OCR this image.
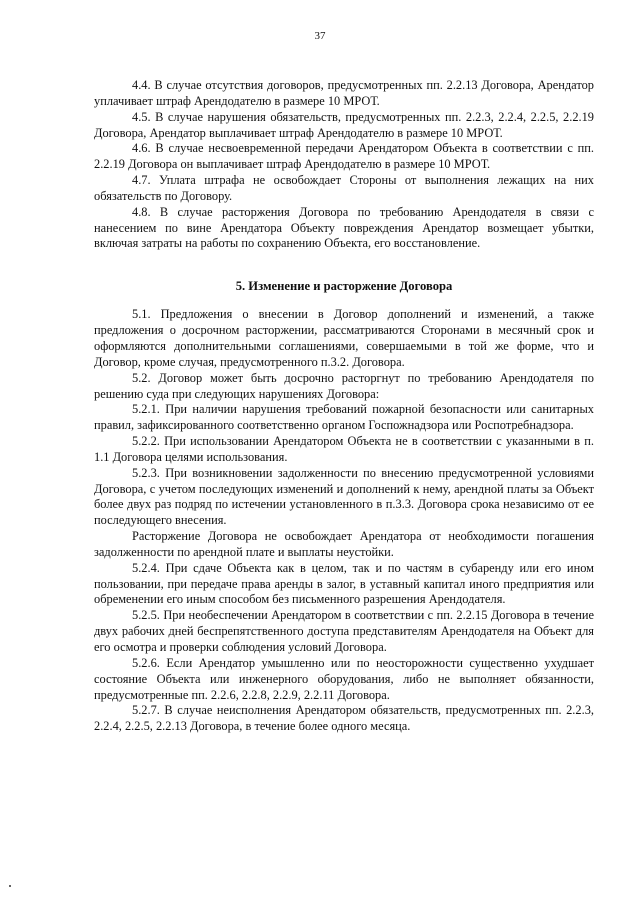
37

4.4. В случае отсутствия договоров, предусмотренных пп. 2.2.13 Договора, Арендатор уплачивает штраф Арендодателю в размере 10 МРОТ.

4.5. В случае нарушения обязательств, предусмотренных пп. 2.2.3, 2.2.4, 2.2.5, 2.2.19 Договора, Арендатор выплачивает штраф Арендодателю в размере 10 МРОТ.

4.6. В случае несвоевременной передачи Арендатором Объекта в соответствии с пп. 2.2.19 Договора он выплачивает штраф Арендодателю в размере 10 МРОТ.

4.7. Уплата штрафа не освобождает Стороны от выполнения лежащих на них обязательств по Договору.

4.8. В случае расторжения Договора по требованию Арендодателя в связи с нанесением по вине Арендатора Объекту повреждения Арендатор возмещает убытки, включая затраты на работы по сохранению Объекта, его восстановление.

5. Изменение и расторжение Договора

5.1. Предложения о внесении в Договор дополнений и изменений, а также предложения о досрочном расторжении, рассматриваются Сторонами в месячный срок и оформляются дополнительными соглашениями, совершаемыми в той же форме, что и Договор, кроме случая, предусмотренного п.3.2. Договора.

5.2. Договор может быть досрочно расторгнут по требованию Арендодателя по решению суда при следующих нарушениях Договора:

5.2.1. При наличии нарушения требований пожарной безопасности или санитарных правил, зафиксированного соответственно органом Госпожнадзора или Роспотребнадзора.

5.2.2. При использовании Арендатором Объекта не в соответствии с указанными в п. 1.1 Договора целями использования.

5.2.3. При возникновении задолженности по внесению предусмотренной условиями Договора, с учетом последующих изменений и дополнений к нему, арендной платы за Объект более двух раз подряд по истечении установленного в п.3.3. Договора срока независимо от ее последующего внесения.

Расторжение Договора не освобождает Арендатора от необходимости погашения задолженности по арендной плате и выплаты неустойки.

5.2.4. При сдаче Объекта как в целом, так и по частям в субаренду или его ином пользовании, при передаче права аренды в залог, в уставный капитал иного предприятия или обременении его иным способом без письменного разрешения Арендодателя.

5.2.5. При необеспечении Арендатором в соответствии с пп. 2.2.15 Договора в течение двух рабочих дней беспрепятственного доступа представителям Арендодателя на Объект для его осмотра и проверки соблюдения условий Договора.

5.2.6. Если Арендатор умышленно или по неосторожности существенно ухудшает состояние Объекта или инженерного оборудования, либо не выполняет обязанности, предусмотренные пп. 2.2.6, 2.2.8, 2.2.9, 2.2.11 Договора.

5.2.7. В случае неисполнения Арендатором обязательств, предусмотренных пп. 2.2.3, 2.2.4, 2.2.5, 2.2.13 Договора, в течение более одного месяца.
